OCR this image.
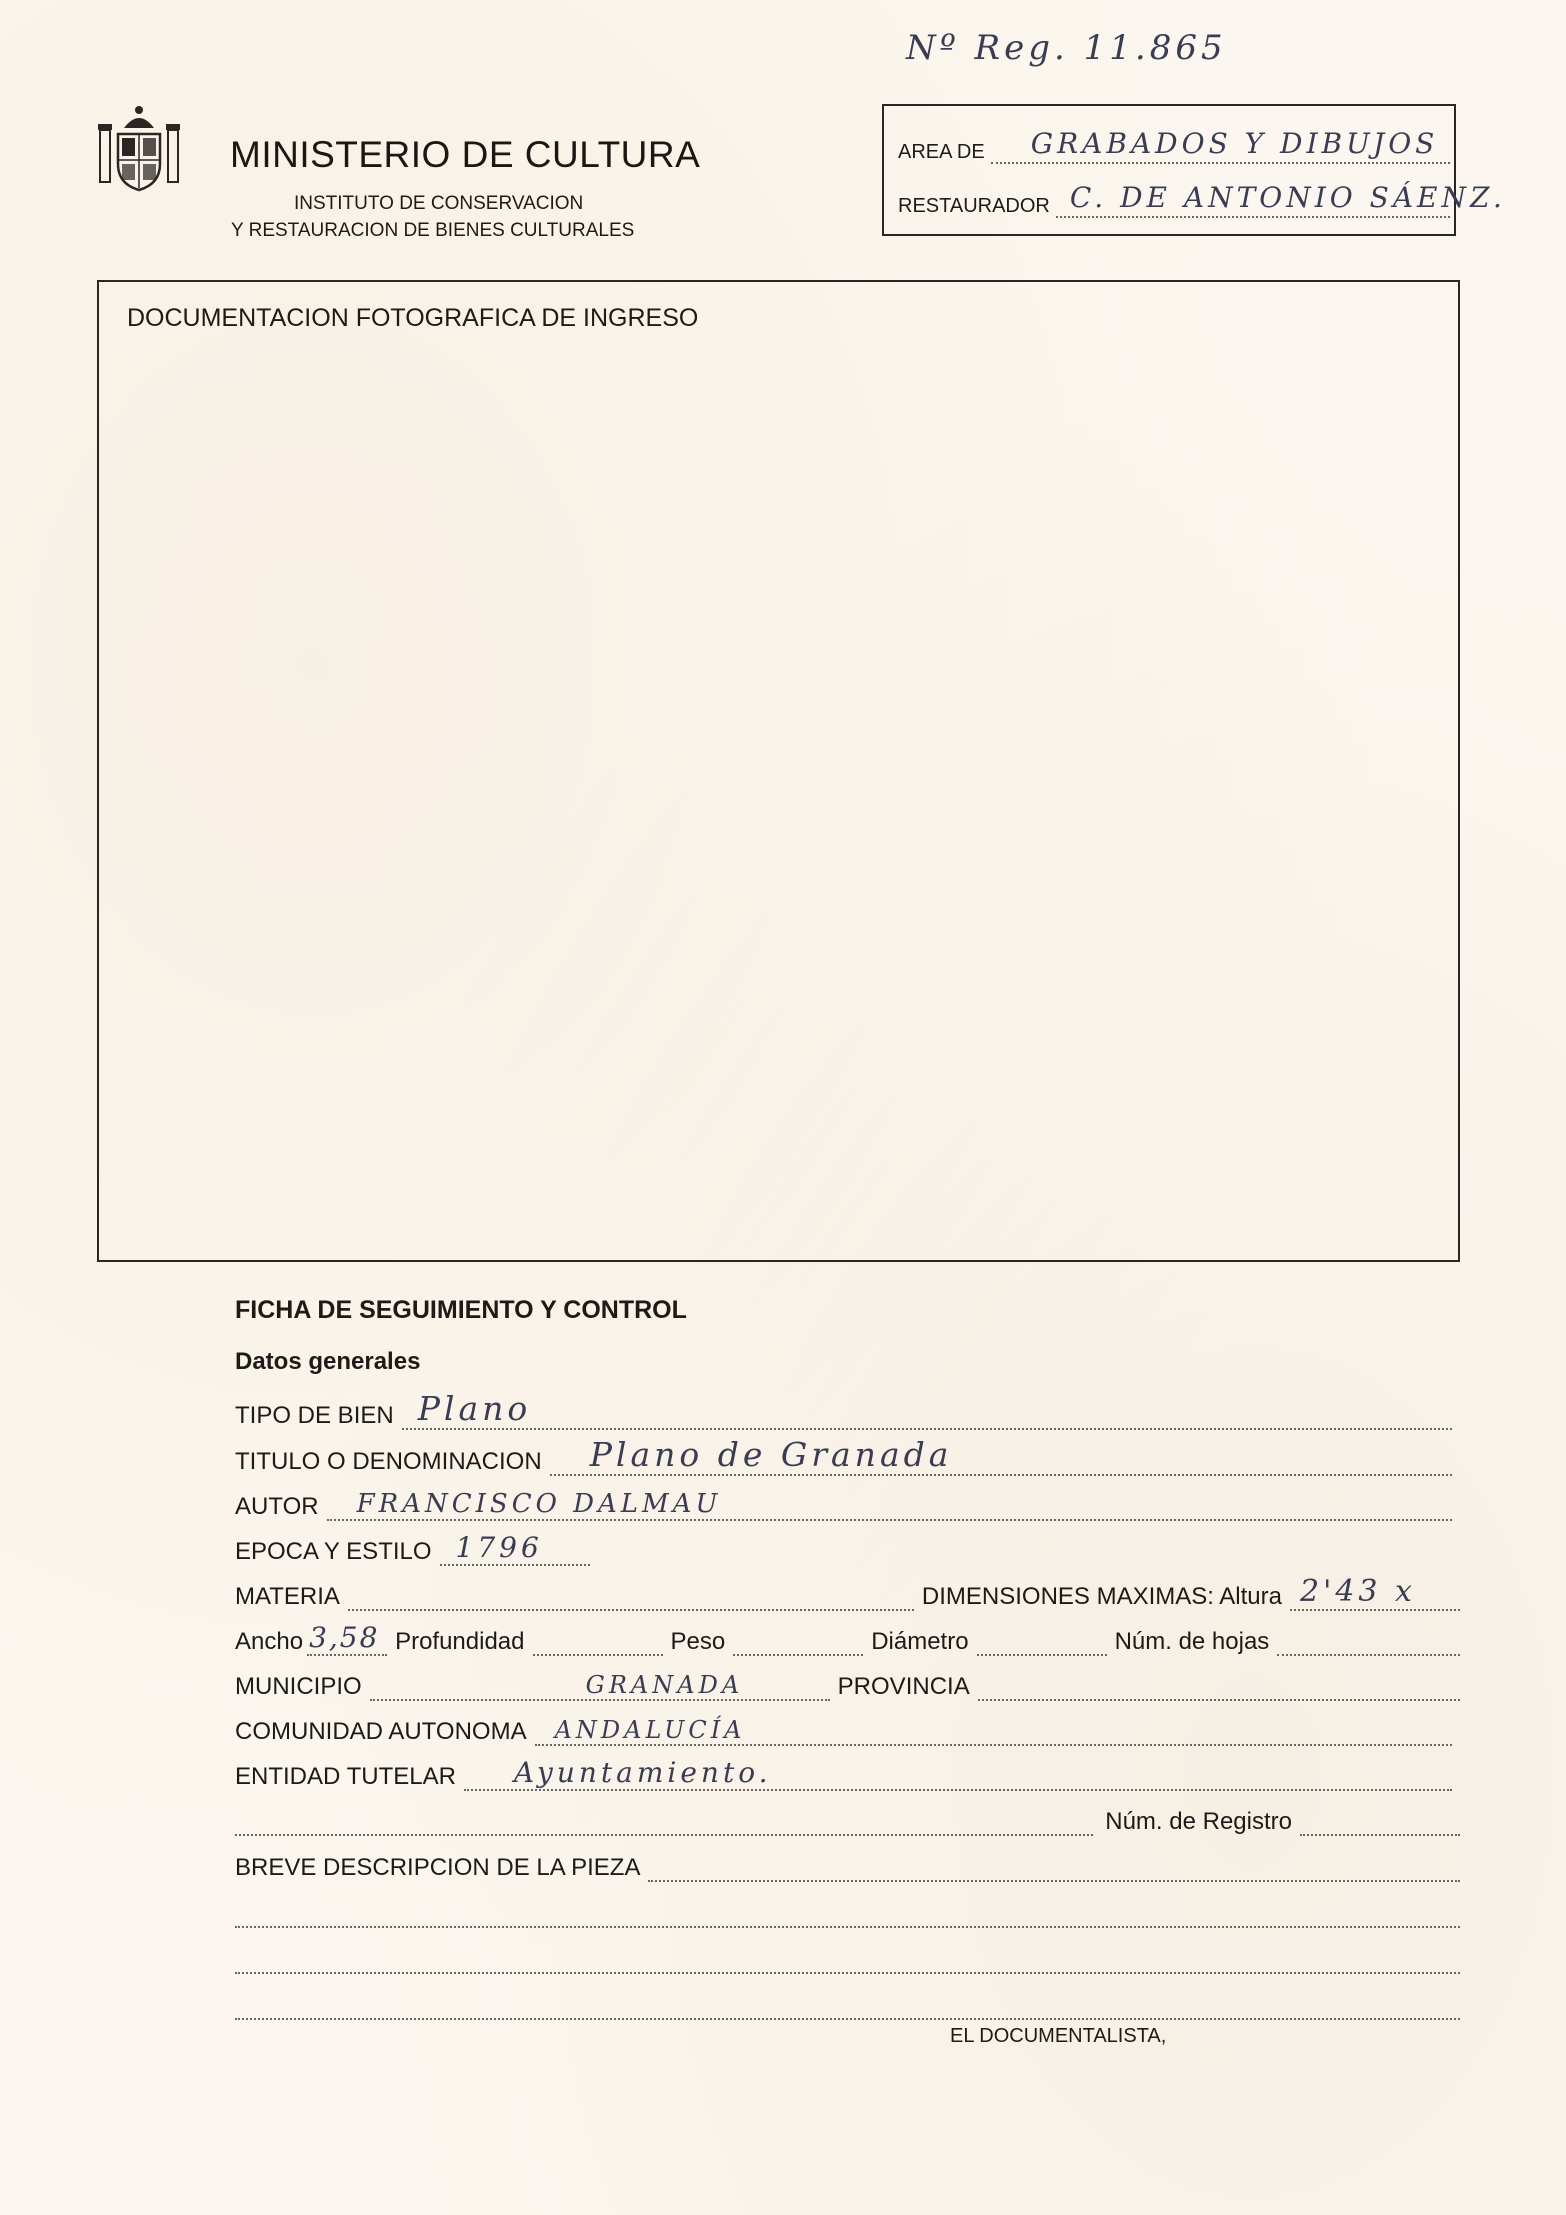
Nº Reg. 11.865
MINISTERIO DE CULTURA
INSTITUTO DE CONSERVACION
Y RESTAURACION DE BIENES CULTURALES
AREA DE GRABADOS Y DIBUJOS
RESTAURADOR C. DE ANTONIO SÁENZ.
DOCUMENTACION FOTOGRAFICA DE INGRESO
FICHA DE SEGUIMIENTO Y CONTROL
Datos generales
TIPO DE BIEN Plano
TITULO O DENOMINACION Plano de Granada
AUTOR FRANCISCO DALMAU
EPOCA Y ESTILO 1796
MATERIA	DIMENSIONES MAXIMAS: Altura 2'43 x
Ancho 3,58 Profundidad	Peso	Diámetro	Núm. de hojas
MUNICIPIO	GRANADA	PROVINCIA
COMUNIDAD AUTONOMA ANDALUCÍA
ENTIDAD TUTELAR Ayuntamiento.
Núm. de Registro
BREVE DESCRIPCION DE LA PIEZA
EL DOCUMENTALISTA,
